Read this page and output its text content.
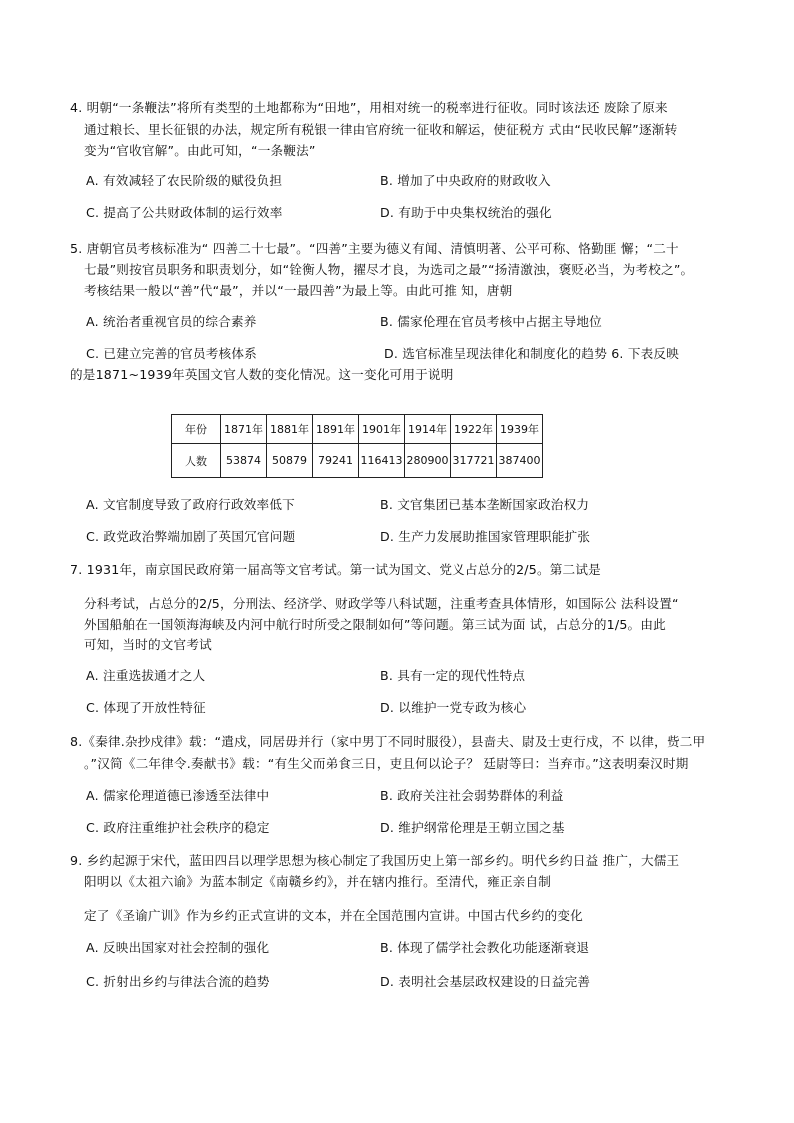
4. 明朝“一条鞭法”将所有类型的土地都称为“田地”，用相对统一的税率进行征收。同时该法还 废除了原来
通过粮长、里长征银的办法，规定所有税银一律由官府统一征收和解运，使征税方 式由“民收民解”逐渐转
变为“官收官解”。由此可知，“一条鞭法”
A. 有效减轻了农民阶级的赋役负担	B. 增加了中央政府的财政收入
C. 提高了公共财政体制的运行效率	D. 有助于中央集权统治的强化
5. 唐朝官员考核标准为“ 四善二十七最”。“四善”主要为德义有闻、清慎明著、公平可称、恪勤匪 懈；“二十
七最”则按官员职务和职责划分，如“铨衡人物，擢尽才良，为选司之最”“扬清激浊，褒贬必当，为考校之”。
考核结果一般以“善”代“最”，并以“一最四善”为最上等。由此可推 知，唐朝
A. 统治者重视官员的综合素养	B. 儒家伦理在官员考核中占据主导地位
C. 已建立完善的官员考核体系	D. 选官标准呈现法律化和制度化的趋势 6. 下表反映
的是1871~1939年英国文官人数的变化情况。这一变化可用于说明
年份	1871年	1881年	1891年	1901年	1914年	1922年	1939年
人数	53874	50879	79241	116413	280900	317721	387400
A. 文官制度导致了政府行政效率低下	B. 文官集团已基本垄断国家政治权力
C. 政党政治弊端加剧了英国冗官问题	D. 生产力发展助推国家管理职能扩张
7. 1931年，南京国民政府第一届高等文官考试。第一试为国文、党义占总分的2/5。第二试是
分科考试，占总分的2/5，分刑法、经济学、财政学等八科试题，注重考查具体情形，如国际公 法科设置“
外国船舶在一国领海海峡及内河中航行时所受之限制如何”等问题。第三试为面 试，占总分的1/5。由此
可知，当时的文官考试
A. 注重选拔通才之人	B. 具有一定的现代性特点
C. 体现了开放性特征	D. 以维护一党专政为核心
8.《秦律.杂抄戍律》载：“遣戍，同居毋并行（家中男丁不同时服役），县啬夫、尉及士吏行戍，不 以律，赀二甲
。”汉简《二年律令.奏献书》载：“有生父而弟食三日，吏且何以论子？ 廷尉等曰：当弃市。”这表明秦汉时期
A. 儒家伦理道德已渗透至法律中	B. 政府关注社会弱势群体的利益
C. 政府注重维护社会秩序的稳定	D. 维护纲常伦理是王朝立国之基
9. 乡约起源于宋代，蓝田四吕以理学思想为核心制定了我国历史上第一部乡约。明代乡约日益 推广，大儒王
阳明以《太祖六谕》为蓝本制定《南赣乡约》，并在辖内推行。至清代，雍正亲自制
定了《圣谕广训》作为乡约正式宣讲的文本，并在全国范围内宣讲。中国古代乡约的变化
A. 反映出国家对社会控制的强化	B. 体现了儒学社会教化功能逐渐衰退
C. 折射出乡约与律法合流的趋势	D. 表明社会基层政权建设的日益完善
